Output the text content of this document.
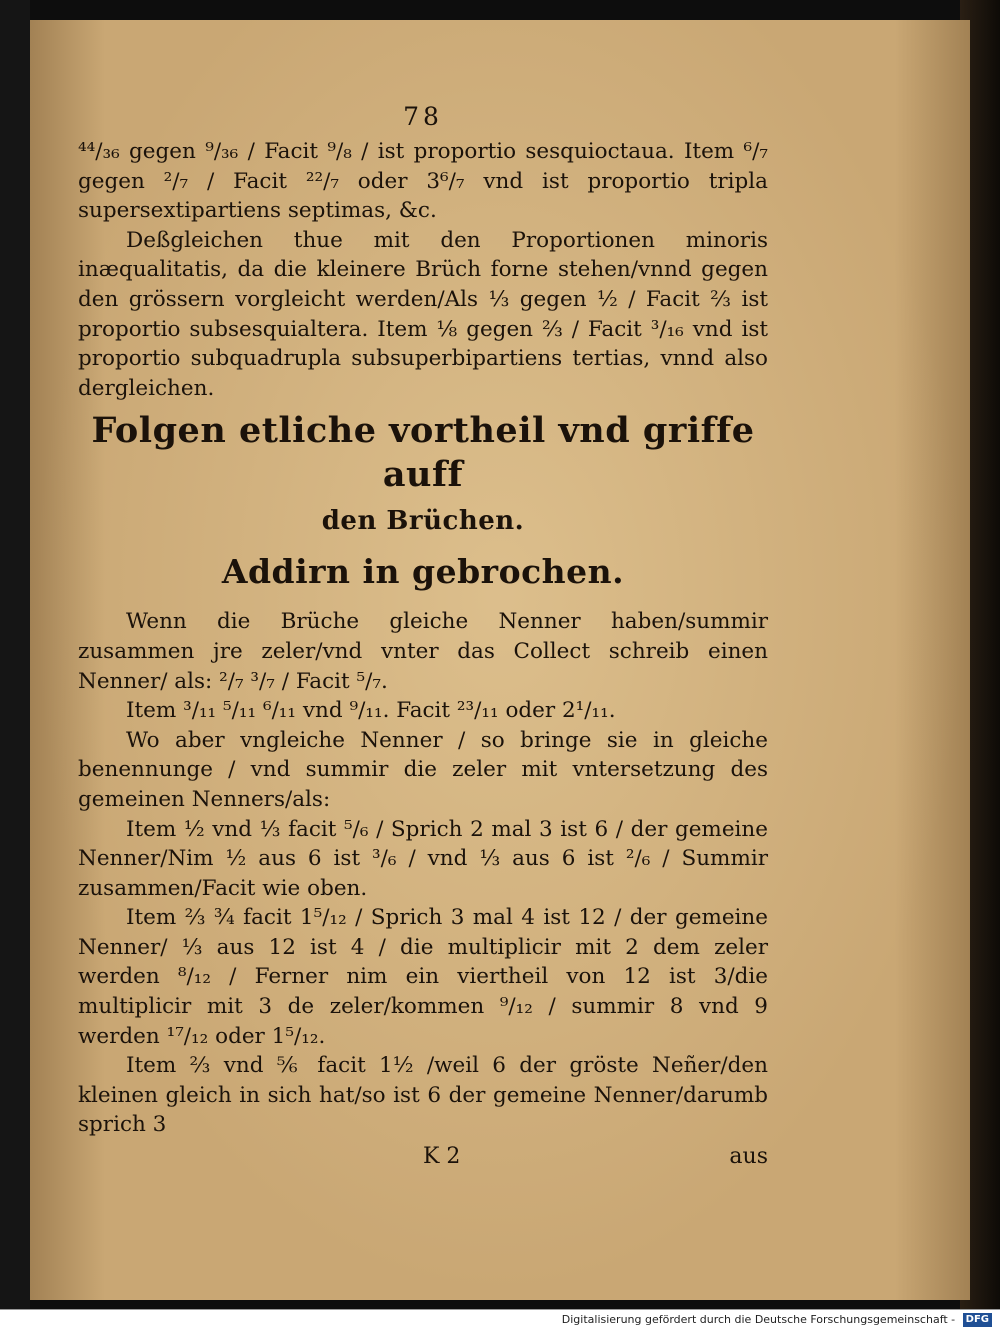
78

⁴⁴/₃₆ gegen ⁹/₃₆ / Facit ⁹/₈ / ist proportio sesquioctaua. Item ⁶/₇ gegen ²/₇ / Facit ²²/₇ oder 3⁶/₇ vnd ist proportio tripla supersextipartiens septimas, &c.

Deßgleichen thue mit den Proportionen minoris inæqualitatis, da die kleinere Brüch forne stehen/vnnd gegen den grössern vorgleicht werden/Als ⅓ gegen ½ / Facit ⅔ ist proportio subsesquialtera. Item ⅛ gegen ⅔ / Facit ³/₁₆ vnd ist proportio subquadrupla subsuperbipartiens tertias, vnnd also dergleichen.

Folgen etliche vortheil vnd griffe auff
den Brüchen.
Addirn in gebrochen.

Wenn die Brüche gleiche Nenner haben/summir zusammen jre zeler/vnd vnter das Collect schreib einen Nenner/ als: ²/₇ ³/₇ / Facit ⁵/₇.

Item ³/₁₁ ⁵/₁₁ ⁶/₁₁ vnd ⁹/₁₁. Facit ²³/₁₁ oder 2¹/₁₁.

Wo aber vngleiche Nenner / so bringe sie in gleiche benennunge / vnd summir die zeler mit vntersetzung des gemeinen Nenners/als:

Item ½ vnd ⅓ facit ⁵/₆ / Sprich 2 mal 3 ist 6 / der gemeine Nenner/Nim ½ aus 6 ist ³/₆ / vnd ⅓ aus 6 ist ²/₆ / Summir zusammen/Facit wie oben.

Item ⅔ ¾ facit 1⁵/₁₂ / Sprich 3 mal 4 ist 12 / der gemeine Nenner/ ⅓ aus 12 ist 4 / die multiplicir mit 2 dem zeler werden ⁸/₁₂ / Ferner nim ein viertheil von 12 ist 3/die multiplicir mit 3 de zeler/kommen ⁹/₁₂ / summir 8 vnd 9 werden ¹⁷/₁₂ oder 1⁵/₁₂.

Item ⅔ vnd ⅚ facit 1½ /weil 6 der gröste Neñer/den kleinen gleich in sich hat/so ist 6 der gemeine Nenner/darumb sprich 3

K 2	aus
Digitalisierung gefördert durch die Deutsche Forschungsgemeinschaft - DFG
